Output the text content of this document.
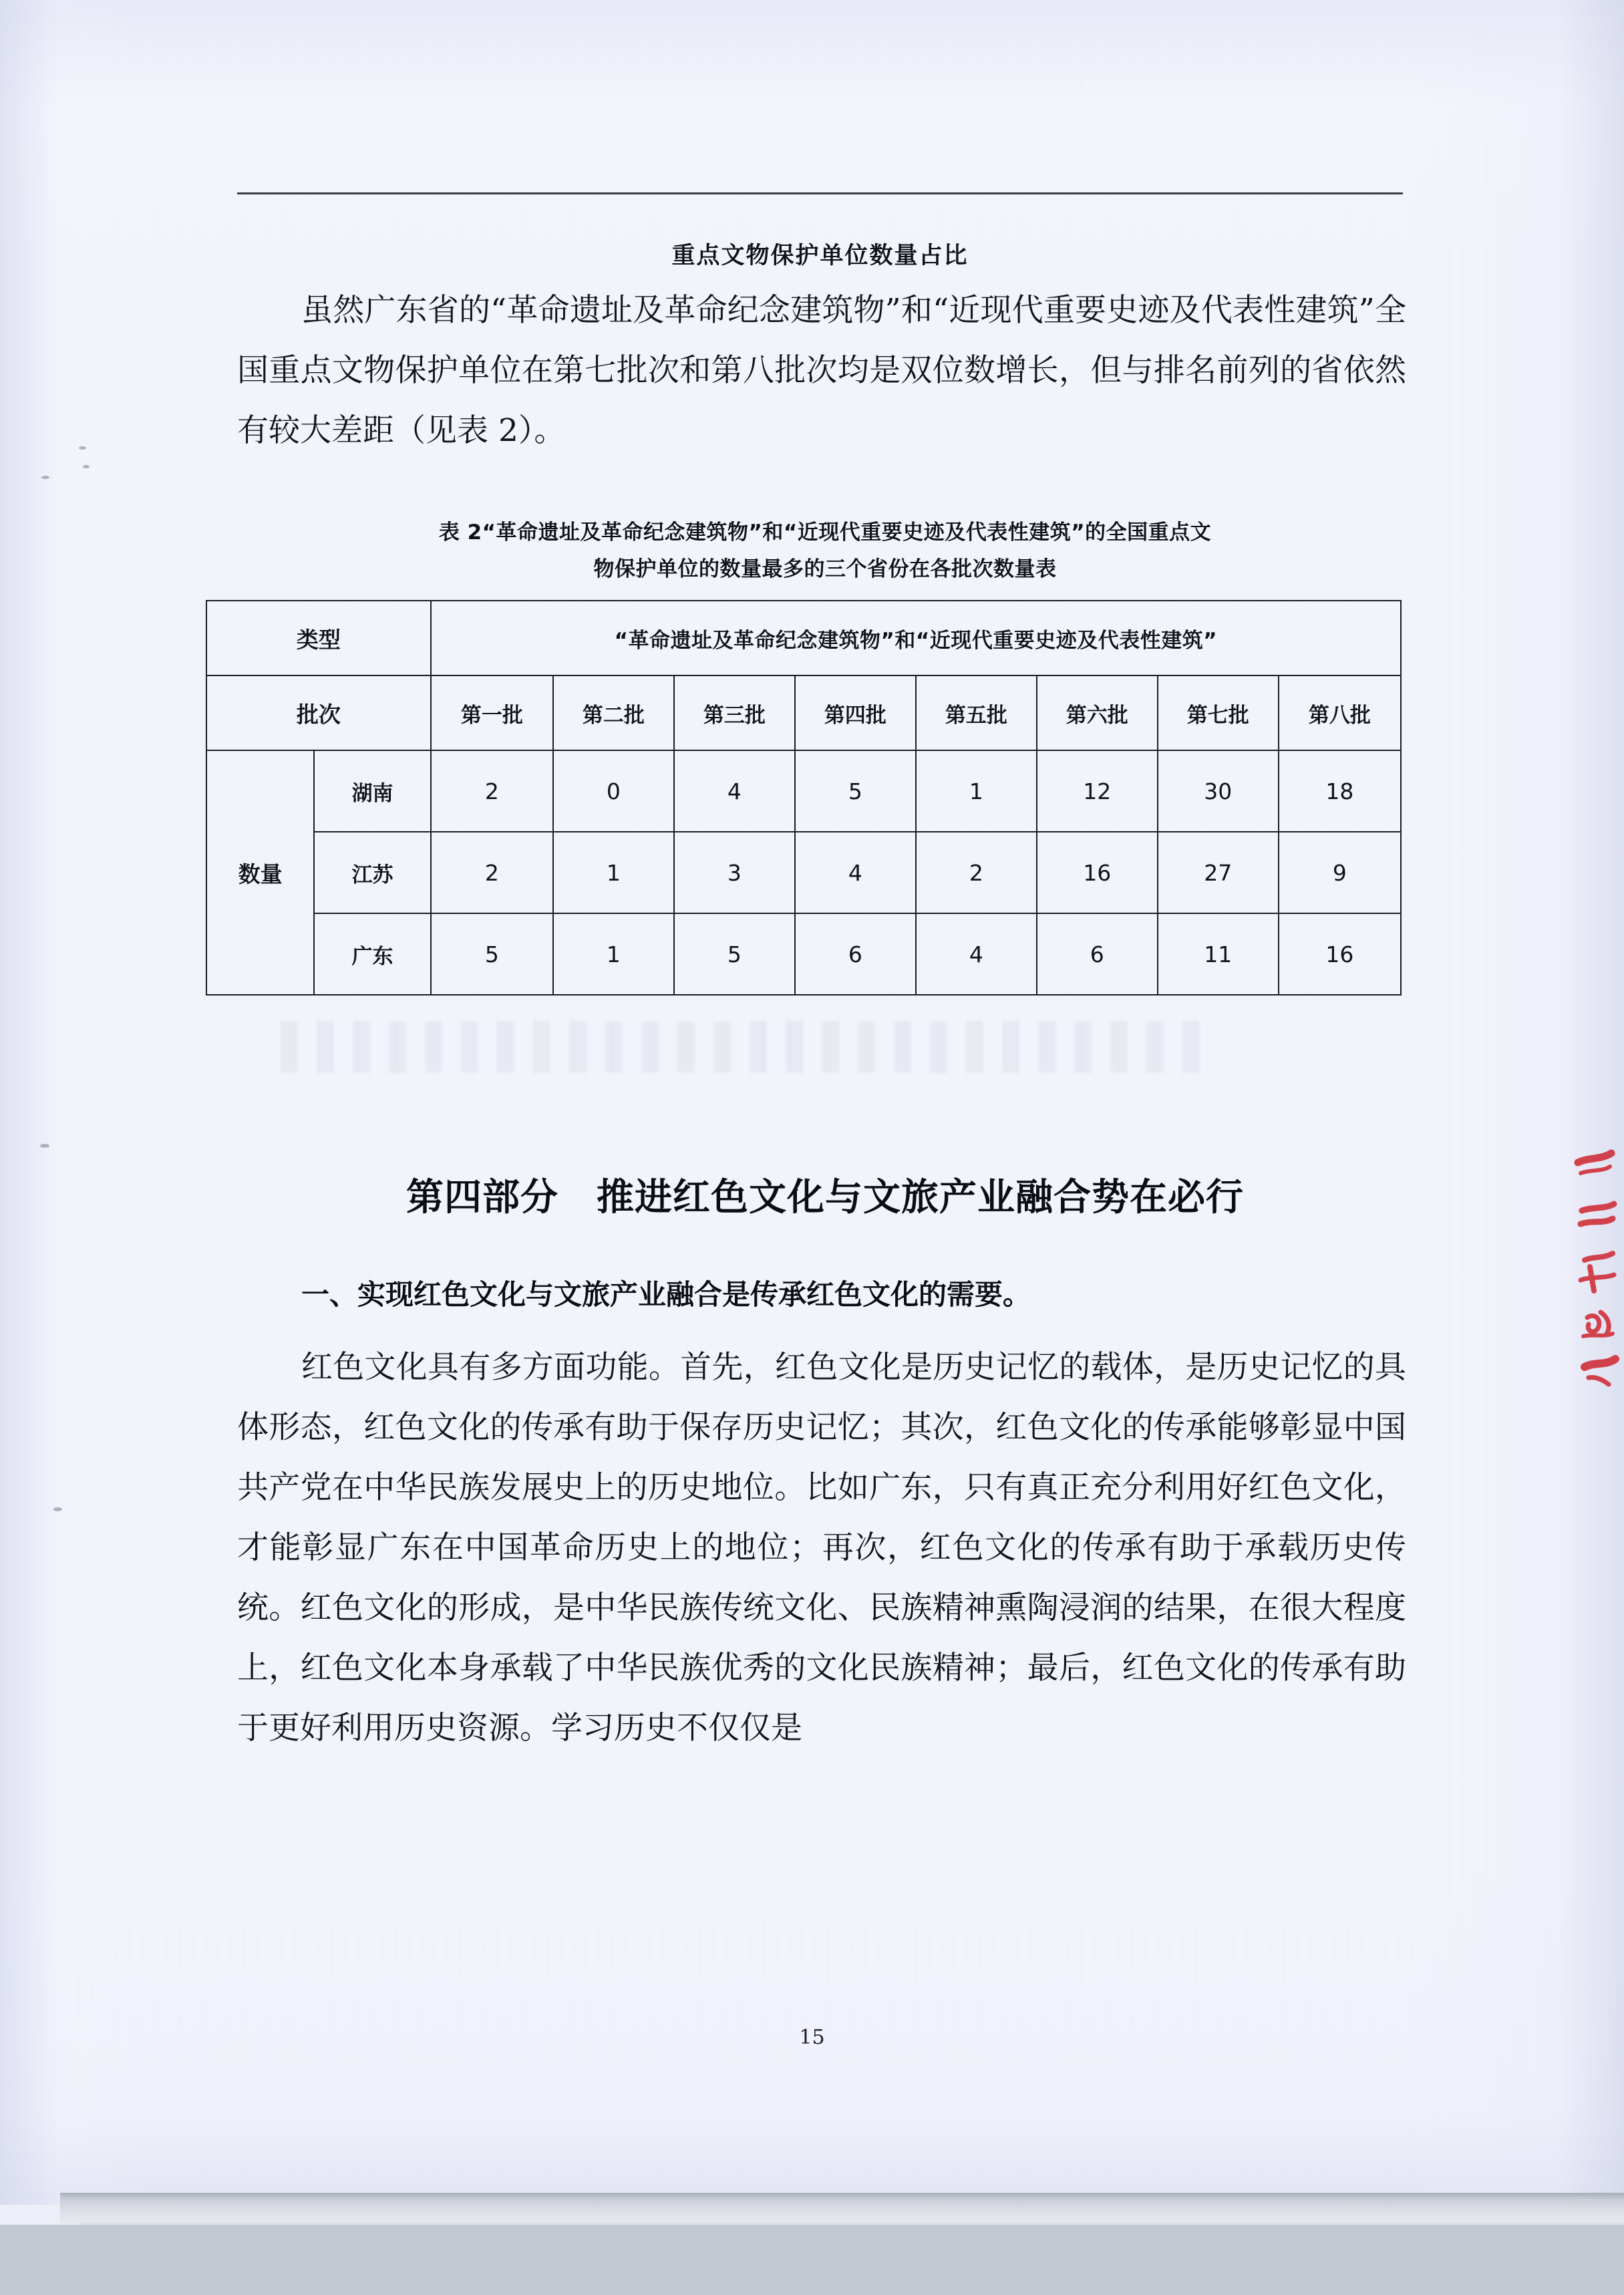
重点文物保护单位数量占比
虽然广东省的“革命遗址及革命纪念建筑物”和“近现代重要史迹及代表性建筑”全国重点文物保护单位在第七批次和第八批次均是双位数增长，但与排名前列的省依然有较大差距（见表 2）。
表 2“革命遗址及革命纪念建筑物”和“近现代重要史迹及代表性建筑”的全国重点文
物保护单位的数量最多的三个省份在各批次数量表
类型		“革命遗址及革命纪念建筑物”和“近现代重要史迹及代表性建筑”							
批次		第一批	第二批	第三批	第四批	第五批	第六批	第七批	第八批
数量	湖南	2	0	4	5	1	12	30	18
	江苏	2	1	3	4	2	16	27	9
	广东	5	1	5	6	4	6	11	16
第四部分　推进红色文化与文旅产业融合势在必行
一、实现红色文化与文旅产业融合是传承红色文化的需要。
红色文化具有多方面功能。首先，红色文化是历史记忆的载体，是历史记忆的具体形态，红色文化的传承有助于保存历史记忆；其次，红色文化的传承能够彰显中国共产党在中华民族发展史上的历史地位。比如广东，只有真正充分利用好红色文化，才能彰显广东在中国革命历史上的地位；再次，红色文化的传承有助于承载历史传统。红色文化的形成，是中华民族传统文化、民族精神熏陶浸润的结果，在很大程度上，红色文化本身承载了中华民族优秀的文化民族精神；最后，红色文化的传承有助于更好利用历史资源。学习历史不仅仅是
15
